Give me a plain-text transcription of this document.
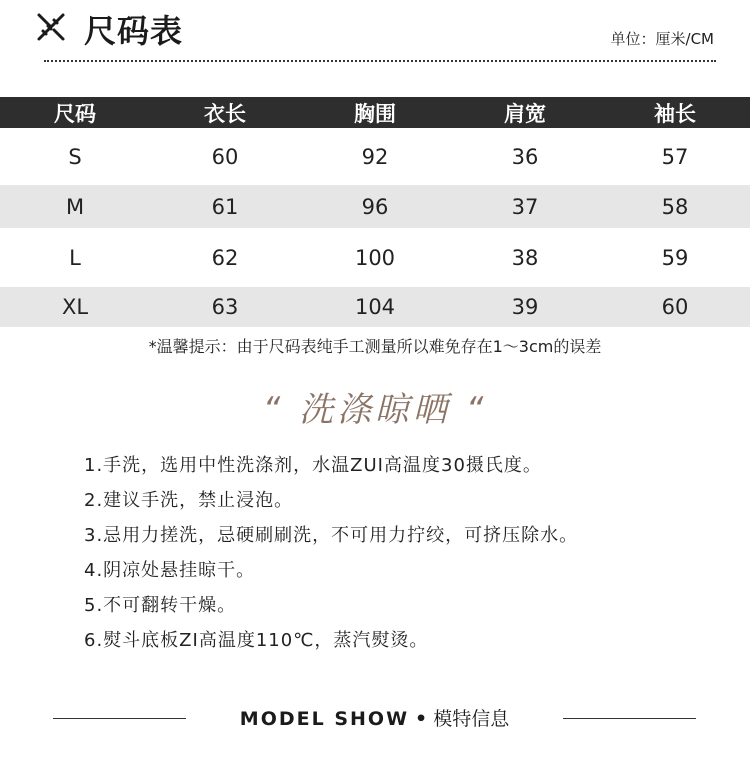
尺码表	单位：厘米/CM
尺码	衣长	胸围	肩宽	袖长
S	60	92	36	57
M	61	96	37	58
L	62	100	38	59
XL	63	104	39	60
*温馨提示：由于尺码表纯手工测量所以难免存在1～3cm的误差
“ 洗涤晾晒 “
1.手洗，选用中性洗涤剂，水温ZUI高温度30摄氏度。
2.建议手洗，禁止浸泡。
3.忌用力搓洗，忌硬刷刷洗，不可用力拧绞，可挤压除水。
4.阴凉处悬挂晾干。
5.不可翻转干燥。
6.熨斗底板ZI高温度110℃，蒸汽熨烫。
MODEL SHOW • 模特信息
